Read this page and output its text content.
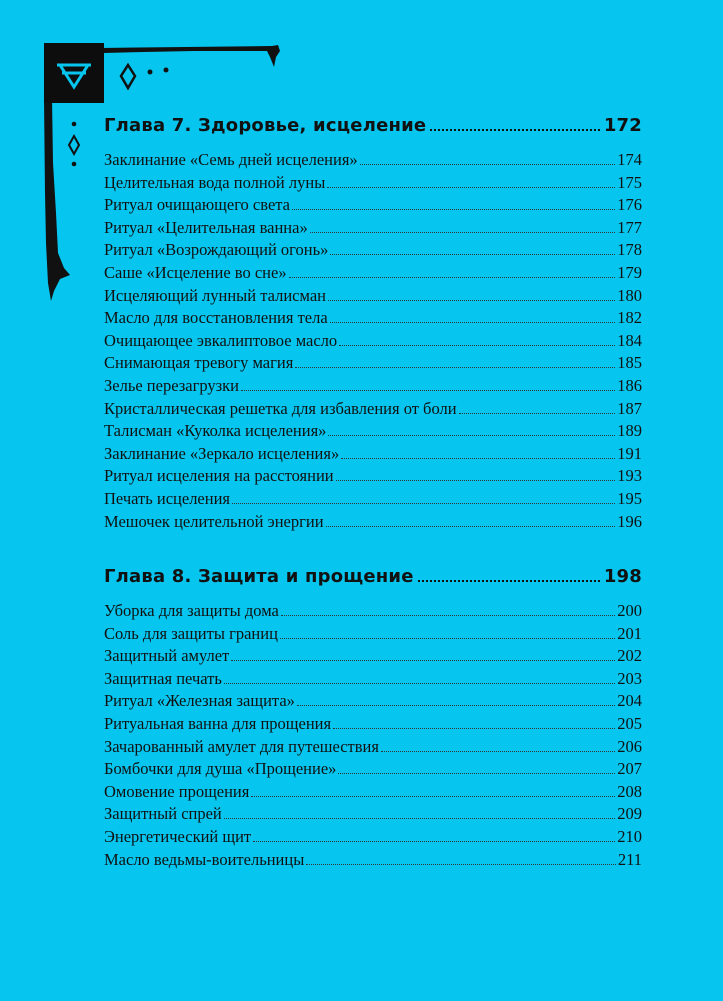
Глава 7. Здоровье, исцеление	172
Заклинание «Семь дней исцеления»	174
Целительная вода полной луны	175
Ритуал очищающего света	176
Ритуал «Целительная ванна»	177
Ритуал «Возрождающий огонь»	178
Саше «Исцеление во сне»	179
Исцеляющий лунный талисман	180
Масло для восстановления тела	182
Очищающее эвкалиптовое масло	184
Снимающая тревогу магия	185
Зелье перезагрузки	186
Кристаллическая решетка для избавления от боли	187
Талисман «Куколка исцеления»	189
Заклинание «Зеркало исцеления»	191
Ритуал исцеления на расстоянии	193
Печать исцеления	195
Мешочек целительной энергии	196
Глава 8. Защита и прощение	198
Уборка для защиты дома	200
Соль для защиты границ	201
Защитный амулет	202
Защитная печать	203
Ритуал «Железная защита»	204
Ритуальная ванна для прощения	205
Зачарованный амулет для путешествия	206
Бомбочки для душа «Прощение»	207
Омовение прощения	208
Защитный спрей	209
Энергетический щит	210
Масло ведьмы-воительницы	211
